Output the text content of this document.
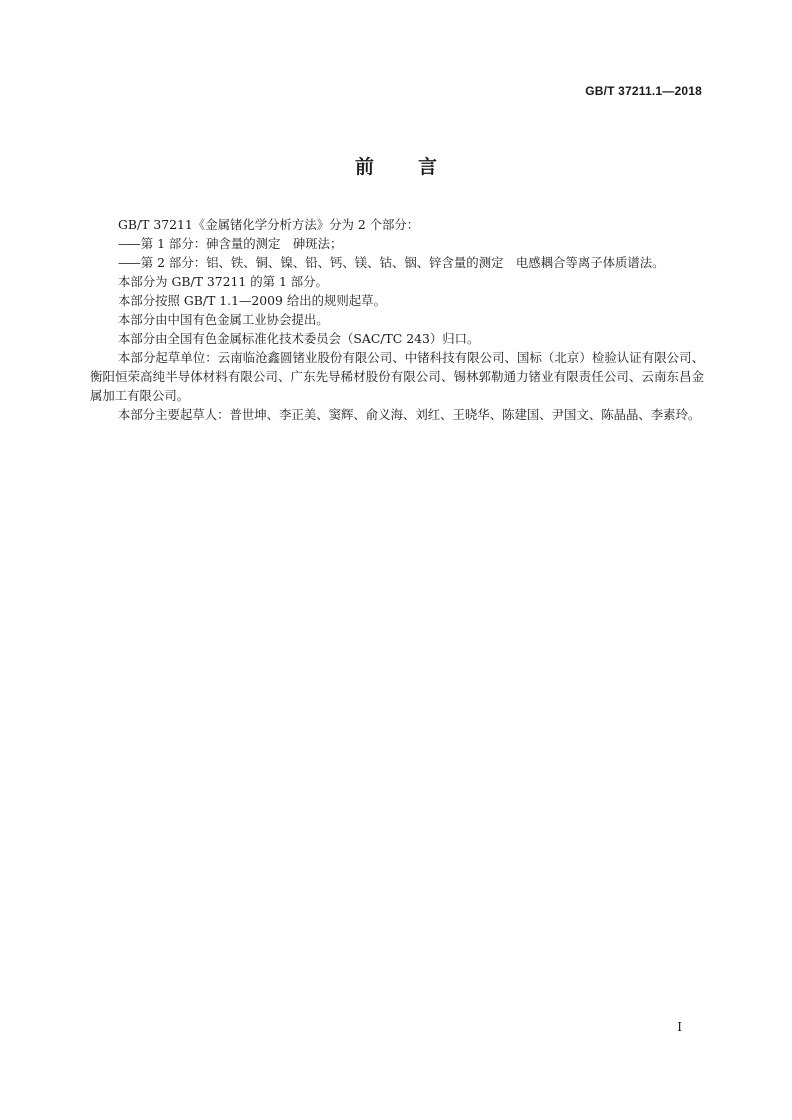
GB/T 37211.1—2018
前言

GB/T 37211《金属锗化学分析方法》分为 2 个部分：

—— 第 1 部分：砷含量的测定　砷斑法；

—— 第 2 部分：铝、铁、铜、镍、铅、钙、镁、钴、铟、锌含量的测定　电感耦合等离子体质谱法。

本部分为 GB/T 37211 的第 1 部分。

本部分按照 GB/T 1.1—2009 给出的规则起草。

本部分由中国有色金属工业协会提出。

本部分由全国有色金属标准化技术委员会（SAC/TC 243）归口。

本部分起草单位：云南临沧鑫圆锗业股份有限公司、中锗科技有限公司、国标（北京）检验认证有限公司、衡阳恒荣高纯半导体材料有限公司、广东先导稀材股份有限公司、锡林郭勒通力锗业有限责任公司、云南东昌金属加工有限公司。

本部分主要起草人：普世坤、李正美、窦辉、俞义海、刘红、王晓华、陈建国、尹国文、陈晶晶、李素玲。

I
